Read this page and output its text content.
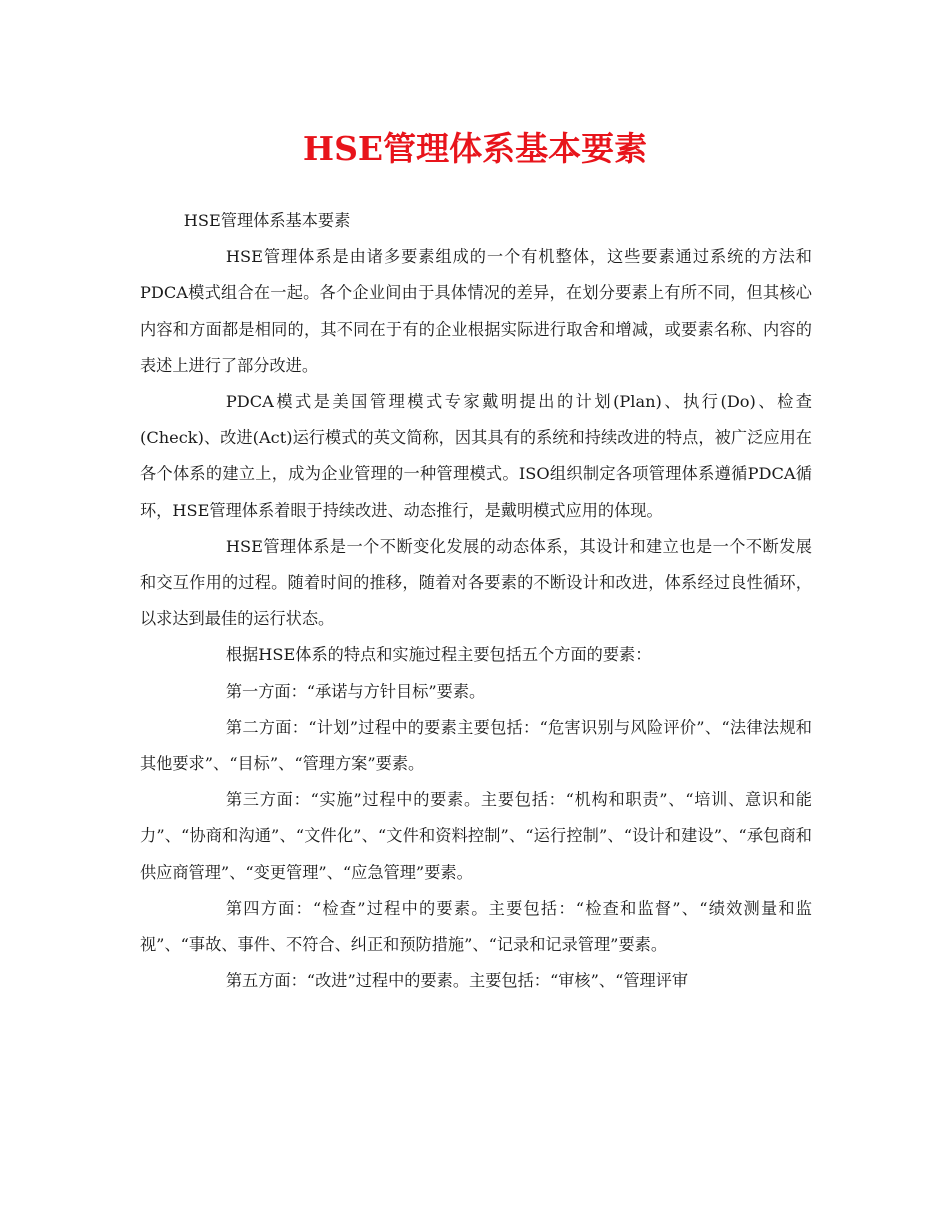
HSE管理体系基本要素

HSE管理体系基本要素

HSE管理体系是由诸多要素组成的一个有机整体，这些要素通过系统的方法和PDCA模式组合在一起。各个企业间由于具体情况的差异，在划分要素上有所不同，但其核心内容和方面都是相同的，其不同在于有的企业根据实际进行取舍和增减，或要素名称、内容的表述上进行了部分改进。

PDCA模式是美国管理模式专家戴明提出的计划(Plan)、执行(Do)、检查(Check)、改进(Act)运行模式的英文简称，因其具有的系统和持续改进的特点，被广泛应用在各个体系的建立上，成为企业管理的一种管理模式。ISO组织制定各项管理体系遵循PDCA循环，HSE管理体系着眼于持续改进、动态推行，是戴明模式应用的体现。

HSE管理体系是一个不断变化发展的动态体系，其设计和建立也是一个不断发展和交互作用的过程。随着时间的推移，随着对各要素的不断设计和改进，体系经过良性循环，以求达到最佳的运行状态。

根据HSE体系的特点和实施过程主要包括五个方面的要素：

第一方面：“承诺与方针目标”要素。

第二方面：“计划”过程中的要素主要包括：“危害识别与风险评价”、“法律法规和其他要求”、“目标”、“管理方案”要素。

第三方面：“实施”过程中的要素。主要包括：“机构和职责”、“培训、意识和能力”、“协商和沟通”、“文件化”、“文件和资料控制”、“运行控制”、“设计和建设”、“承包商和供应商管理”、“变更管理”、“应急管理”要素。

第四方面：“检查”过程中的要素。主要包括：“检查和监督”、“绩效测量和监视”、“事故、事件、不符合、纠正和预防措施”、“记录和记录管理”要素。

第五方面：“改进”过程中的要素。主要包括：“审核”、“管理评审
